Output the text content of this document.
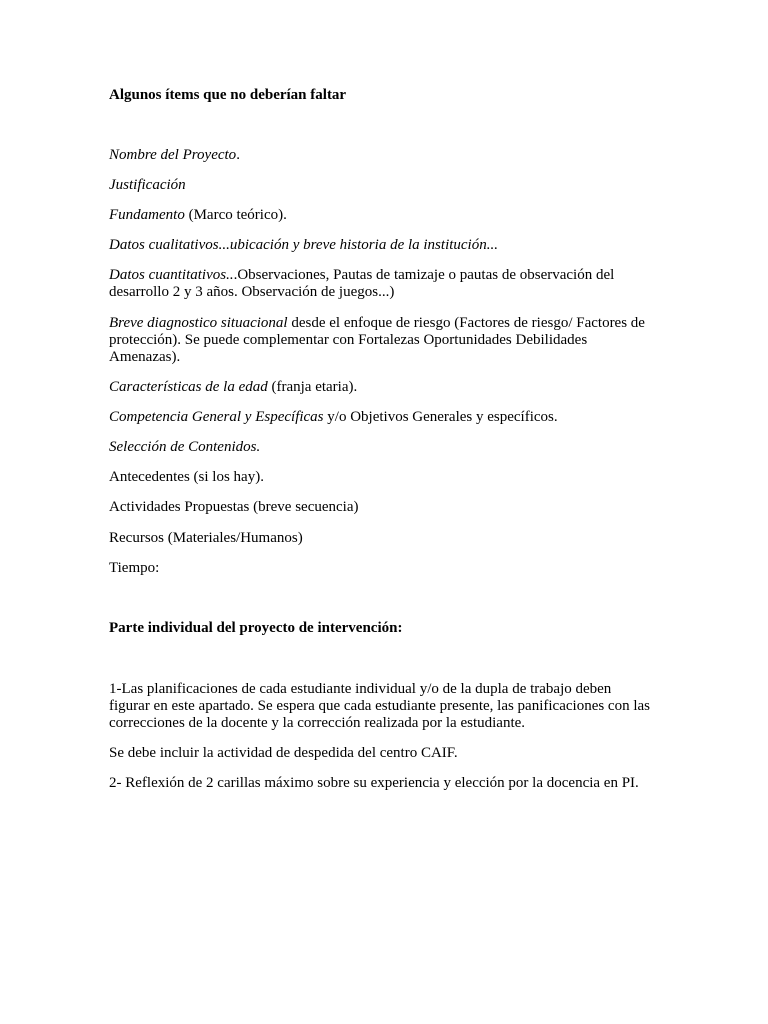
Algunos ítems que no deberían faltar
Nombre del Proyecto.
Justificación
Fundamento (Marco teórico).
Datos cualitativos...ubicación y breve historia de la institución...
Datos cuantitativos...Observaciones, Pautas de tamizaje o pautas de observación del desarrollo 2 y 3 años. Observación de juegos...)
Breve diagnostico situacional desde el enfoque de riesgo (Factores de riesgo/ Factores de protección). Se puede complementar con Fortalezas Oportunidades Debilidades Amenazas).
Características de la edad (franja etaria).
Competencia General y Específicas y/o Objetivos Generales y específicos.
Selección de Contenidos.
Antecedentes (si los hay).
Actividades Propuestas (breve secuencia)
Recursos (Materiales/Humanos)
Tiempo:
Parte individual del proyecto de intervención:
1-Las planificaciones de cada estudiante individual y/o de la dupla de trabajo deben figurar en este apartado. Se espera que cada estudiante presente, las panificaciones con las correcciones de la docente y la corrección realizada por la estudiante.
Se debe incluir la actividad de despedida del centro CAIF.
2- Reflexión de 2 carillas máximo sobre su experiencia y elección por la docencia en PI.
